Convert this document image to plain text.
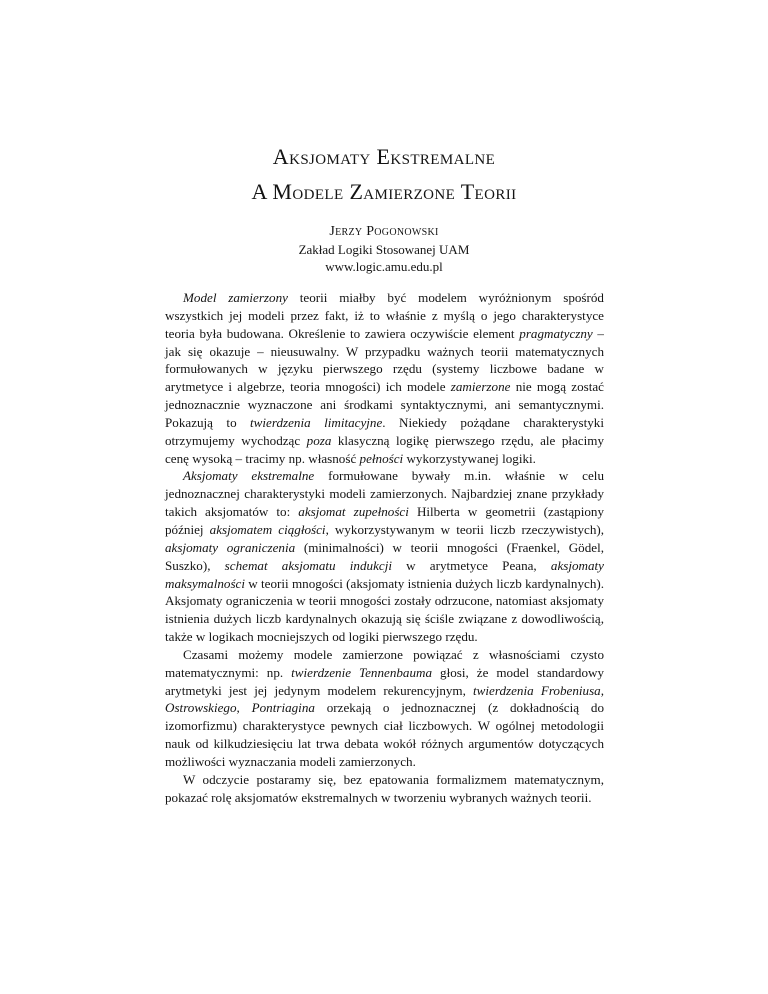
Aksjomaty Ekstremalne
A Modele Zamierzone Teorii
Jerzy Pogonowski
Zakład Logiki Stosowanej UAM
www.logic.amu.edu.pl

Model zamierzony teorii miałby być modelem wyróżnionym spośród wszystkich jej modeli przez fakt, iż to właśnie z myślą o jego charakterystyce teoria była budowana. Określenie to zawiera oczywiście element pragmatyczny – jak się okazuje – nieusuwalny. W przypadku ważnych teorii matematycznych formułowanych w języku pierwszego rzędu (systemy liczbowe badane w arytmetyce i algebrze, teoria mnogości) ich modele zamierzone nie mogą zostać jednoznacznie wyznaczone ani środkami syntaktycznymi, ani semantycznymi. Pokazują to twierdzenia limitacyjne. Niekiedy pożądane charakterystyki otrzymujemy wychodząc poza klasyczną logikę pierwszego rzędu, ale płacimy cenę wysoką – tracimy np. własność pełności wykorzystywanej logiki.

Aksjomaty ekstremalne formułowane bywały m.in. właśnie w celu jednoznacznej charakterystyki modeli zamierzonych. Najbardziej znane przykłady takich aksjomatów to: aksjomat zupełności Hilberta w geometrii (zastąpiony później aksjomatem ciągłości, wykorzystywanym w teorii liczb rzeczywistych), aksjomaty ograniczenia (minimalności) w teorii mnogości (Fraenkel, Gödel, Suszko), schemat aksjomatu indukcji w arytmetyce Peana, aksjomaty maksymalności w teorii mnogości (aksjomaty istnienia dużych liczb kardynalnych). Aksjomaty ograniczenia w teorii mnogości zostały odrzucone, natomiast aksjomaty istnienia dużych liczb kardynalnych okazują się ściśle związane z dowodliwością, także w logikach mocniejszych od logiki pierwszego rzędu.

Czasami możemy modele zamierzone powiązać z własnościami czysto matematycznymi: np. twierdzenie Tennenbauma głosi, że model standardowy arytmetyki jest jej jedynym modelem rekurencyjnym, twierdzenia Frobeniusa, Ostrowskiego, Pontriagina orzekają o jednoznacznej (z dokładnością do izomorfizmu) charakterystyce pewnych ciał liczbowych. W ogólnej metodologii nauk od kilkudziesięciu lat trwa debata wokół różnych argumentów dotyczących możliwości wyznaczania modeli zamierzonych.

W odczycie postaramy się, bez epatowania formalizmem matematycznym, pokazać rolę aksjomatów ekstremalnych w tworzeniu wybranych ważnych teorii.
